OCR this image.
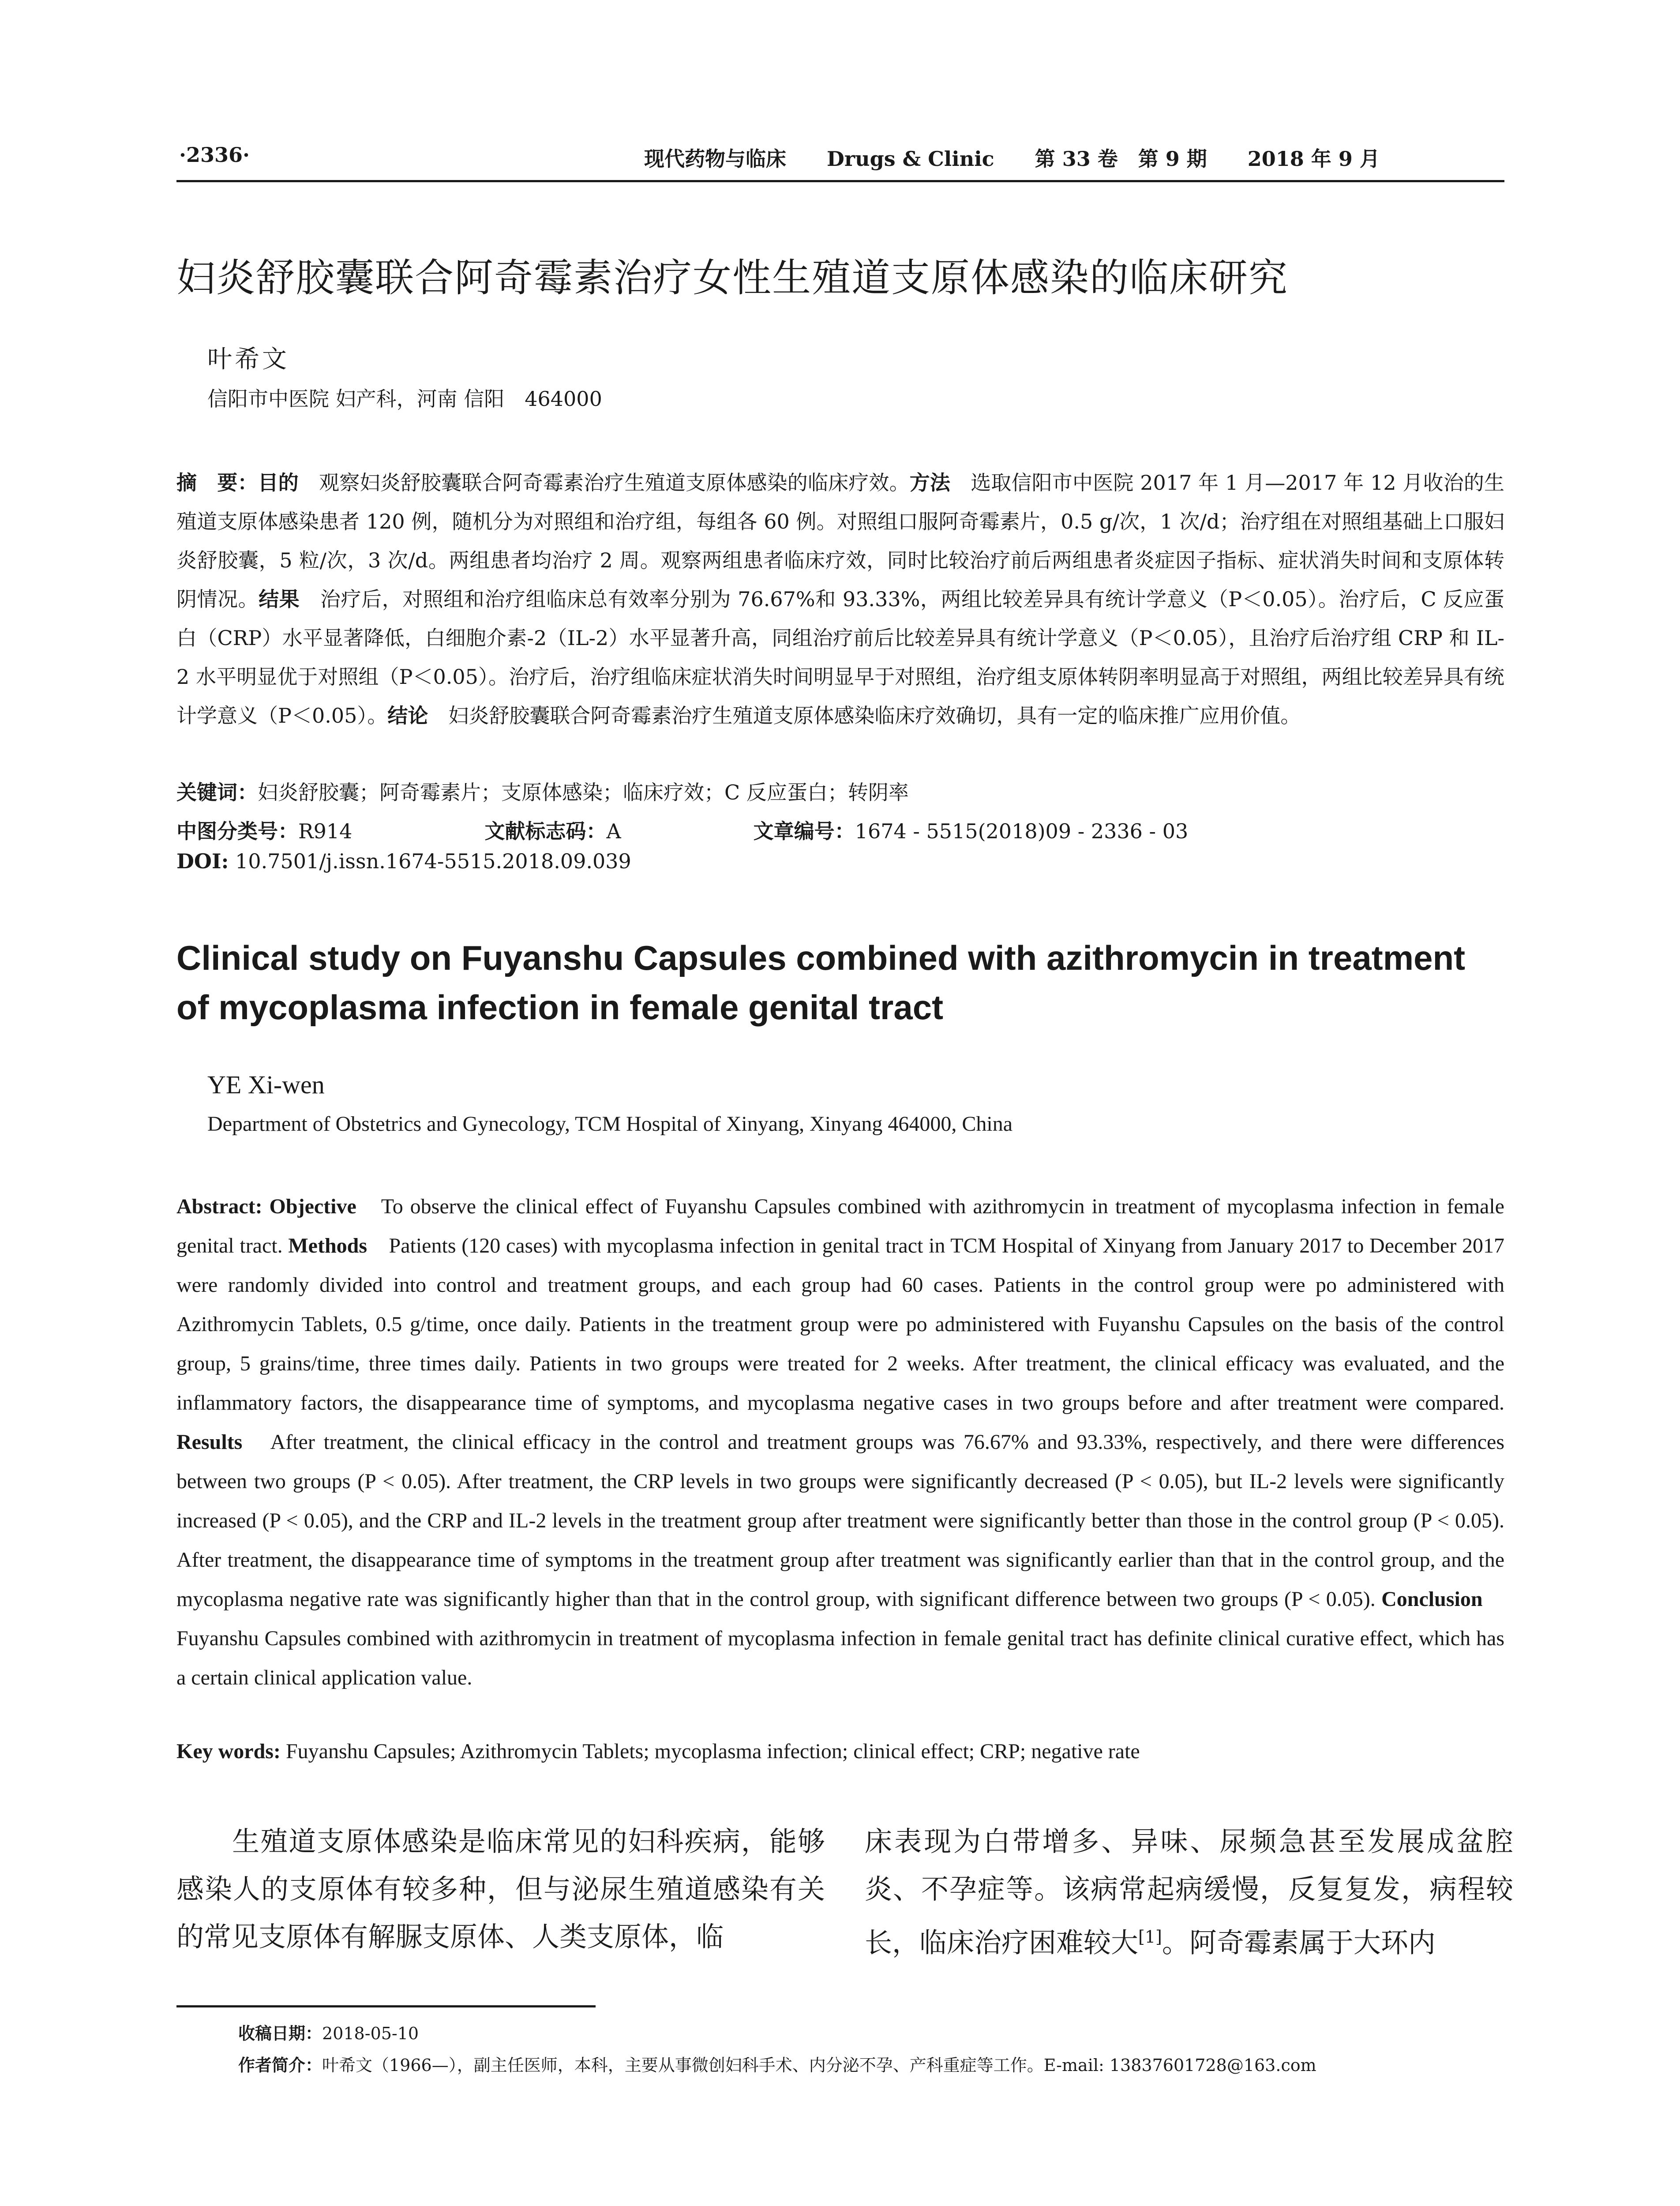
·2336·	现代药物与临床　　Drugs & Clinic　　第 33 卷　第 9 期　　2018 年 9 月
妇炎舒胶囊联合阿奇霉素治疗女性生殖道支原体感染的临床研究
叶希文
信阳市中医院 妇产科，河南 信阳　464000
摘　要：目的　观察妇炎舒胶囊联合阿奇霉素治疗生殖道支原体感染的临床疗效。方法　选取信阳市中医院 2017 年 1 月—2017 年 12 月收治的生殖道支原体感染患者 120 例，随机分为对照组和治疗组，每组各 60 例。对照组口服阿奇霉素片，0.5 g/次，1 次/d；治疗组在对照组基础上口服妇炎舒胶囊，5 粒/次，3 次/d。两组患者均治疗 2 周。观察两组患者临床疗效，同时比较治疗前后两组患者炎症因子指标、症状消失时间和支原体转阴情况。结果　治疗后，对照组和治疗组临床总有效率分别为 76.67%和 93.33%，两组比较差异具有统计学意义（P＜0.05）。治疗后，C 反应蛋白（CRP）水平显著降低，白细胞介素-2（IL-2）水平显著升高，同组治疗前后比较差异具有统计学意义（P＜0.05），且治疗后治疗组 CRP 和 IL-2 水平明显优于对照组（P＜0.05）。治疗后，治疗组临床症状消失时间明显早于对照组，治疗组支原体转阴率明显高于对照组，两组比较差异具有统计学意义（P＜0.05）。结论　妇炎舒胶囊联合阿奇霉素治疗生殖道支原体感染临床疗效确切，具有一定的临床推广应用价值。
关键词：妇炎舒胶囊；阿奇霉素片；支原体感染；临床疗效；C 反应蛋白；转阴率
中图分类号：R914	文献标志码：A	文章编号：1674 - 5515(2018)09 - 2336 - 03
DOI: 10.7501/j.issn.1674-5515.2018.09.039
Clinical study on Fuyanshu Capsules combined with azithromycin in treatment of mycoplasma infection in female genital tract
YE Xi-wen
Department of Obstetrics and Gynecology, TCM Hospital of Xinyang, Xinyang 464000, China
Abstract: Objective　To observe the clinical effect of Fuyanshu Capsules combined with azithromycin in treatment of mycoplasma infection in female genital tract. Methods　Patients (120 cases) with mycoplasma infection in genital tract in TCM Hospital of Xinyang from January 2017 to December 2017 were randomly divided into control and treatment groups, and each group had 60 cases. Patients in the control group were po administered with Azithromycin Tablets, 0.5 g/time, once daily. Patients in the treatment group were po administered with Fuyanshu Capsules on the basis of the control group, 5 grains/time, three times daily. Patients in two groups were treated for 2 weeks. After treatment, the clinical efficacy was evaluated, and the inflammatory factors, the disappearance time of symptoms, and mycoplasma negative cases in two groups before and after treatment were compared. Results　After treatment, the clinical efficacy in the control and treatment groups was 76.67% and 93.33%, respectively, and there were differences between two groups (P < 0.05). After treatment, the CRP levels in two groups were significantly decreased (P < 0.05), but IL-2 levels were significantly increased (P < 0.05), and the CRP and IL-2 levels in the treatment group after treatment were significantly better than those in the control group (P < 0.05). After treatment, the disappearance time of symptoms in the treatment group after treatment was significantly earlier than that in the control group, and the mycoplasma negative rate was significantly higher than that in the control group, with significant difference between two groups (P < 0.05). Conclusion　Fuyanshu Capsules combined with azithromycin in treatment of mycoplasma infection in female genital tract has definite clinical curative effect, which has a certain clinical application value.
Key words: Fuyanshu Capsules; Azithromycin Tablets; mycoplasma infection; clinical effect; CRP; negative rate
生殖道支原体感染是临床常见的妇科疾病，能够感染人的支原体有较多种，但与泌尿生殖道感染有关的常见支原体有解脲支原体、人类支原体，临
床表现为白带增多、异味、尿频急甚至发展成盆腔炎、不孕症等。该病常起病缓慢，反复复发，病程较长，临床治疗困难较大[1]。阿奇霉素属于大环内
收稿日期：2018-05-10
作者简介：叶希文（1966—），副主任医师，本科，主要从事微创妇科手术、内分泌不孕、产科重症等工作。E-mail: 13837601728@163.com
